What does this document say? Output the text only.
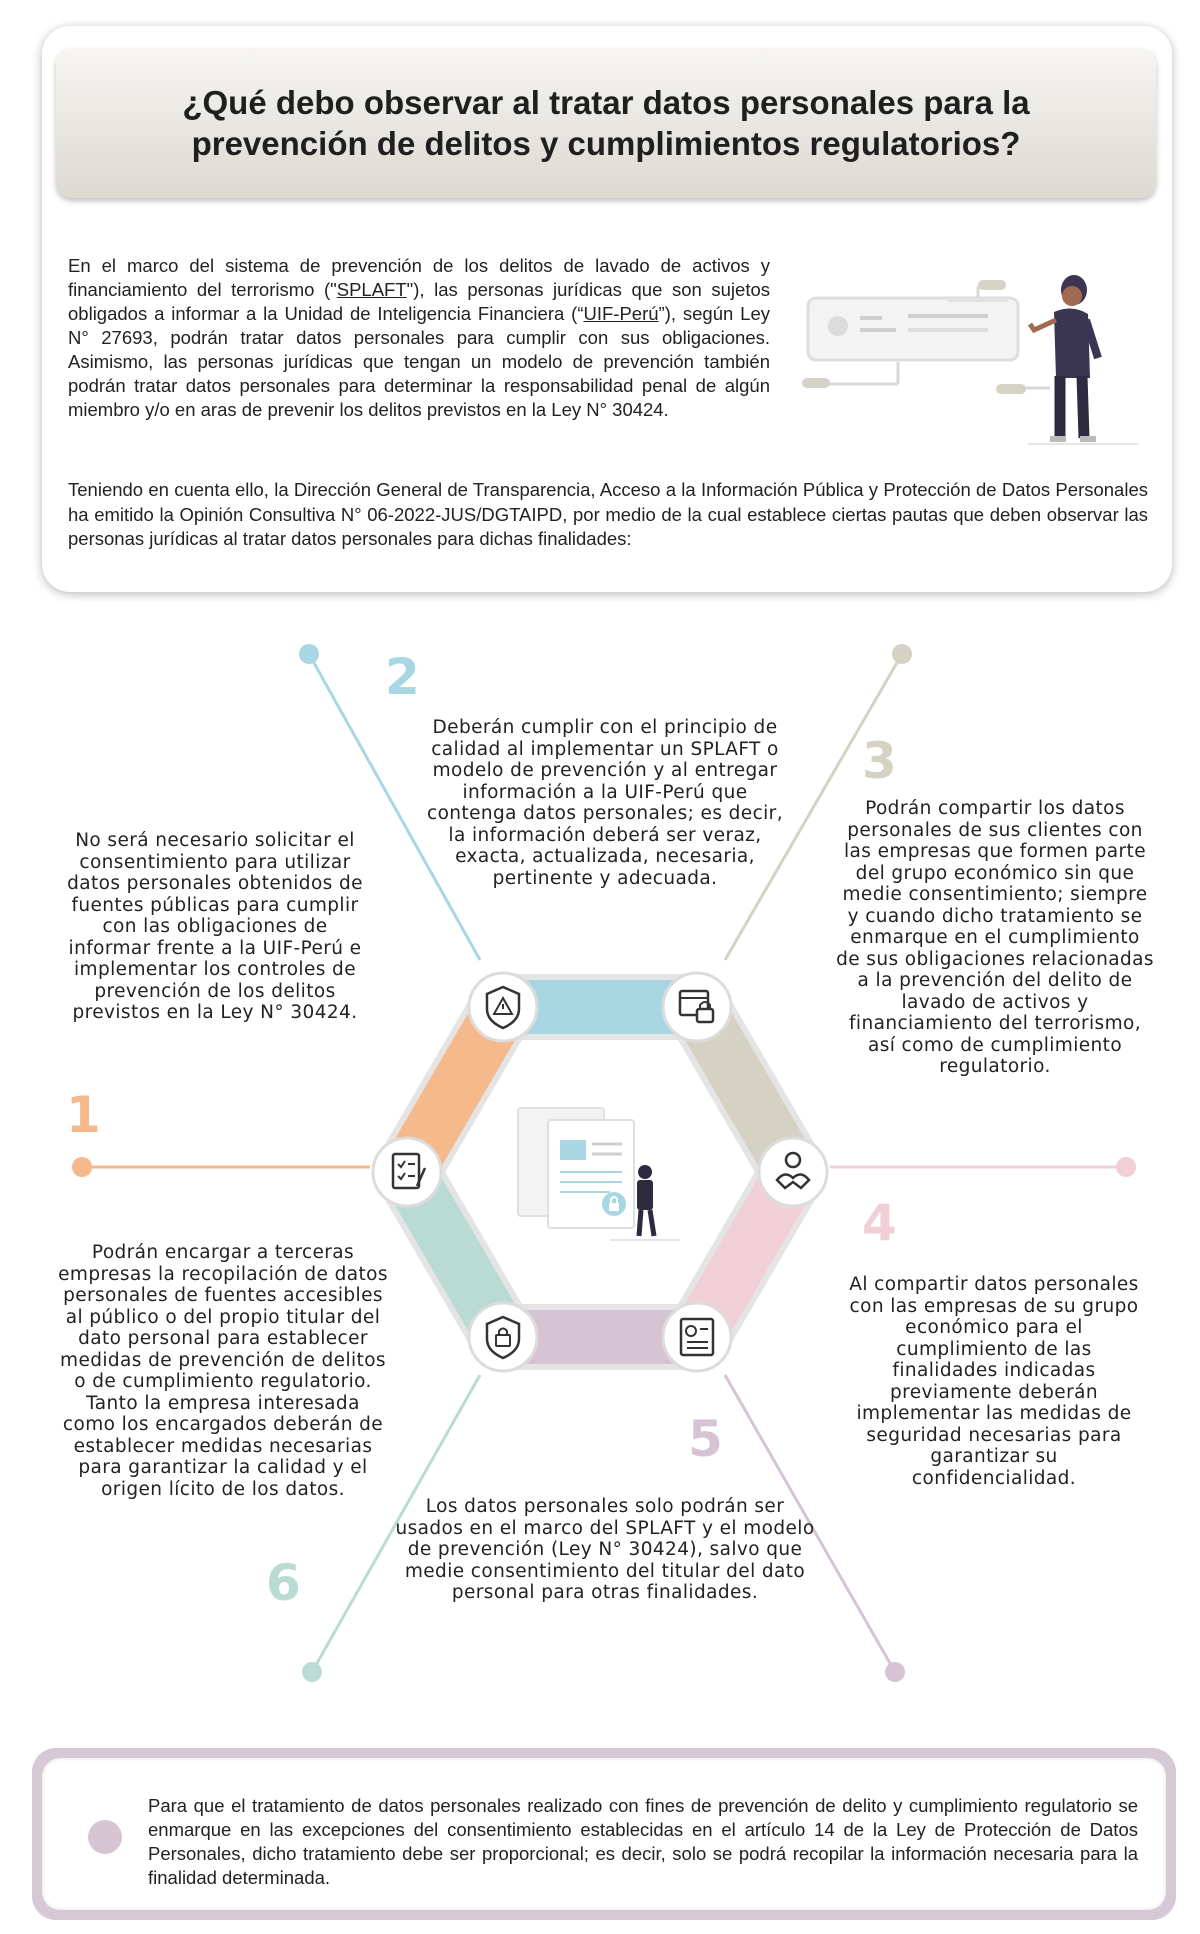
¿Qué debo observar al tratar datos personales para la prevención de delitos y cumplimientos regulatorios?
En el marco del sistema de prevención de los delitos de lavado de activos y financiamiento del terrorismo ("SPLAFT"), las personas jurídicas que son sujetos obligados a informar a la Unidad de Inteligencia Financiera (“UIF-Perú”), según Ley N° 27693, podrán tratar datos personales para cumplir con sus obligaciones. Asimismo, las personas jurídicas que tengan un modelo de prevención también podrán tratar datos personales para determinar la responsabilidad penal de algún miembro y/o en aras de prevenir los delitos previstos en la Ley N° 30424.
Teniendo en cuenta ello, la Dirección General de Transparencia, Acceso a la Información Pública y Protección de Datos Personales ha emitido la Opinión Consultiva N° 06-2022-JUS/DGTAIPD, por medio de la cual establece ciertas pautas que deben observar las personas jurídicas al tratar datos personales para dichas finalidades:
1
2
3
4
5
6
No será necesario solicitar el consentimiento para utilizar datos personales obtenidos de fuentes públicas para cumplir con las obligaciones de informar frente a la UIF-Perú e implementar los controles de prevención de los delitos previstos en la Ley N° 30424.
Deberán cumplir con el principio de calidad al implementar un SPLAFT o modelo de prevención y al entregar información a la UIF-Perú que contenga datos personales; es decir, la información deberá ser veraz, exacta, actualizada, necesaria, pertinente y adecuada.
Podrán compartir los datos personales de sus clientes con las empresas que formen parte del grupo económico sin que medie consentimiento; siempre y cuando dicho tratamiento se enmarque en el cumplimiento de sus obligaciones relacionadas a la prevención del delito de lavado de activos y financiamiento del terrorismo, así como de cumplimiento regulatorio.
Al compartir datos personales con las empresas de su grupo económico para el cumplimiento de las finalidades indicadas previamente deberán implementar las medidas de seguridad necesarias para garantizar su confidencialidad.
Los datos personales solo podrán ser usados en el marco del SPLAFT y el modelo de prevención (Ley N° 30424), salvo que medie consentimiento del titular del dato personal para otras finalidades.
Podrán encargar a terceras empresas la recopilación de datos personales de fuentes accesibles al público o del propio titular del dato personal para establecer medidas de prevención de delitos o de cumplimiento regulatorio. Tanto la empresa interesada como los encargados deberán de establecer medidas necesarias para garantizar la calidad y el origen lícito de los datos.
Para que el tratamiento de datos personales realizado con fines de prevención de delito y cumplimiento regulatorio se enmarque en las excepciones del consentimiento establecidas en el artículo 14 de la Ley de Protección de Datos Personales, dicho tratamiento debe ser proporcional; es decir, solo se podrá recopilar la información necesaria para la finalidad determinada.
